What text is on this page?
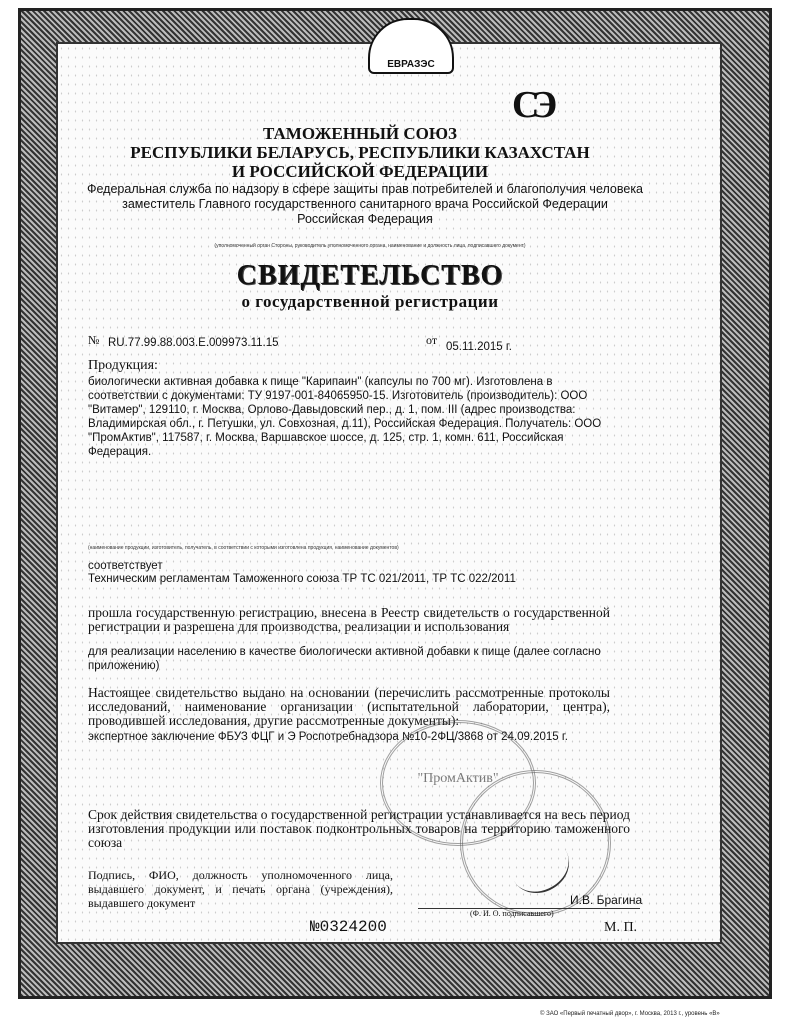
ЕВРАЗЭС
CЭ
ТАМОЖЕННЫЙ СОЮЗ
РЕСПУБЛИКИ БЕЛАРУСЬ, РЕСПУБЛИКИ КАЗАХСТАН
И РОССИЙСКОЙ ФЕДЕРАЦИИ
Федеральная служба по надзору в сфере защиты прав потребителей и благополучия человека
заместитель Главного государственного санитарного врача Российской Федерации
Российская Федерация
(уполномоченный орган Стороны, руководитель уполномоченного органа, наименование и должность лица, подписавшего документ)
СВИДЕТЕЛЬСТВО
о государственной регистрации
№ RU.77.99.88.003.E.009973.11.15	от 05.11.2015 г.
Продукция:
биологически активная добавка к пище "Карипаин" (капсулы по 700 мг). Изготовлена в соответствии с документами: ТУ 9197-001-84065950-15. Изготовитель (производитель): ООО "Витамер", 129110, г. Москва, Орлово-Давыдовский пер., д. 1, пом. III (адрес производства: Владимирская обл., г. Петушки, ул. Совхозная, д.11), Российская Федерация. Получатель: ООО "ПромАктив", 117587, г. Москва, Варшавское шоссе, д. 125, стр. 1, комн. 611, Российская Федерация.
(наименование продукции, изготовитель, получатель, в соответствии с которыми изготовлена продукция, наименование документов)
соответствует
Техническим регламентам Таможенного союза ТР ТС 021/2011, ТР ТС 022/2011
прошла государственную регистрацию, внесена в Реестр свидетельств о государственной регистрации и разрешена для производства, реализации и использования
для реализации населению в качестве биологически активной добавки к пище (далее согласно приложению)
Настоящее свидетельство выдано на основании (перечислить рассмотренные протоколы исследований, наименование организации (испытательной лаборатории, центра), проводившей исследования, другие рассмотренные документы):
экспертное заключение ФБУЗ ФЦГ и Э Роспотребнадзора №10-2ФЦ/3868 от 24.09.2015 г.
"ПромАктив"
Срок действия свидетельства о государственной регистрации устанавливается на весь период изготовления продукции или поставок подконтрольных товаров на территорию таможенного союза
Подпись, ФИО, должность уполномоченного лица, выдавшего документ, и печать органа (учреждения), выдавшего документ	И.В. Брагина
(Ф. И. О. подписавшего)
№0324200	М. П.
© ЗАО «Первый печатный двор», г. Москва, 2013 г., уровень «В»
